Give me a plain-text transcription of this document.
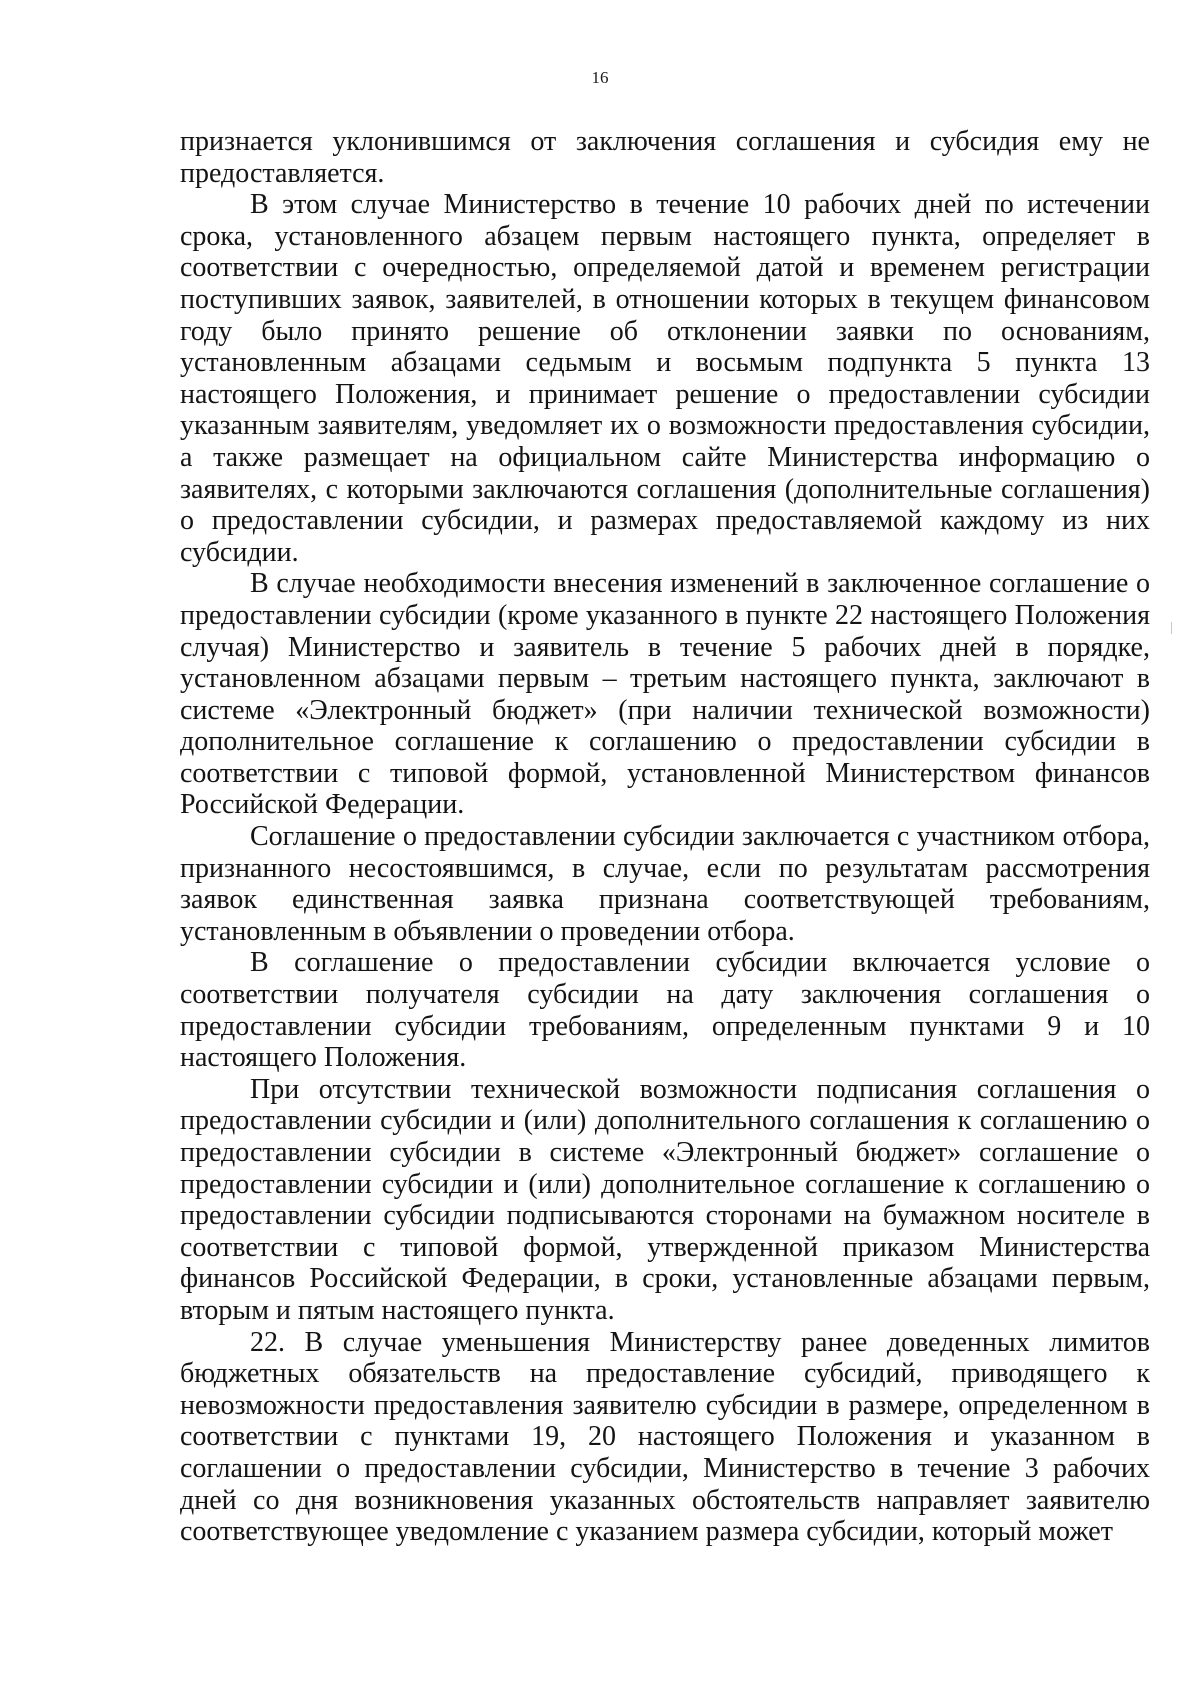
16

признается уклонившимся от заключения соглашения и субсидия ему не предоставляется.

В этом случае Министерство в течение 10 рабочих дней по истечении срока, установленного абзацем первым настоящего пункта, определяет в соответствии с очередностью, определяемой датой и временем регистрации поступивших заявок, заявителей, в отношении которых в текущем финансовом году было принято решение об отклонении заявки по основаниям, установленным абзацами седьмым и восьмым подпункта 5 пункта 13 настоящего Положения, и принимает решение о предоставлении субсидии указанным заявителям, уведомляет их о возможности предоставления субсидии, а также размещает на официальном сайте Министерства информацию о заявителях, с которыми заключаются соглашения (дополнительные соглашения) о предоставлении субсидии, и размерах предоставляемой каждому из них субсидии.

В случае необходимости внесения изменений в заключенное соглашение о предоставлении субсидии (кроме указанного в пункте 22 настоящего Положения случая) Министерство и заявитель в течение 5 рабочих дней в порядке, установленном абзацами первым – третьим настоящего пункта, заключают в системе «Электронный бюджет» (при наличии технической возможности) дополнительное соглашение к соглашению о предоставлении субсидии в соответствии с типовой формой, установленной Министерством финансов Российской Федерации.

Соглашение о предоставлении субсидии заключается с участником отбора, признанного несостоявшимся, в случае, если по результатам рассмотрения заявок единственная заявка признана соответствующей требованиям, установленным в объявлении о проведении отбора.

В соглашение о предоставлении субсидии включается условие о соответствии получателя субсидии на дату заключения соглашения о предоставлении субсидии требованиям, определенным пунктами 9 и 10 настоящего Положения.

При отсутствии технической возможности подписания соглашения о предоставлении субсидии и (или) дополнительного соглашения к соглашению о предоставлении субсидии в системе «Электронный бюджет» соглашение о предоставлении субсидии и (или) дополнительное соглашение к соглашению о предоставлении субсидии подписываются сторонами на бумажном носителе в соответствии с типовой формой, утвержденной приказом Министерства финансов Российской Федерации, в сроки, установленные абзацами первым, вторым и пятым настоящего пункта.

22. В случае уменьшения Министерству ранее доведенных лимитов бюджетных обязательств на предоставление субсидий, приводящего к невозможности предоставления заявителю субсидии в размере, определенном в соответствии с пунктами 19, 20 настоящего Положения и указанном в соглашении о предоставлении субсидии, Министерство в течение 3 рабочих дней со дня возникновения указанных обстоятельств направляет заявителю соответствующее уведомление с указанием размера субсидии, который может
